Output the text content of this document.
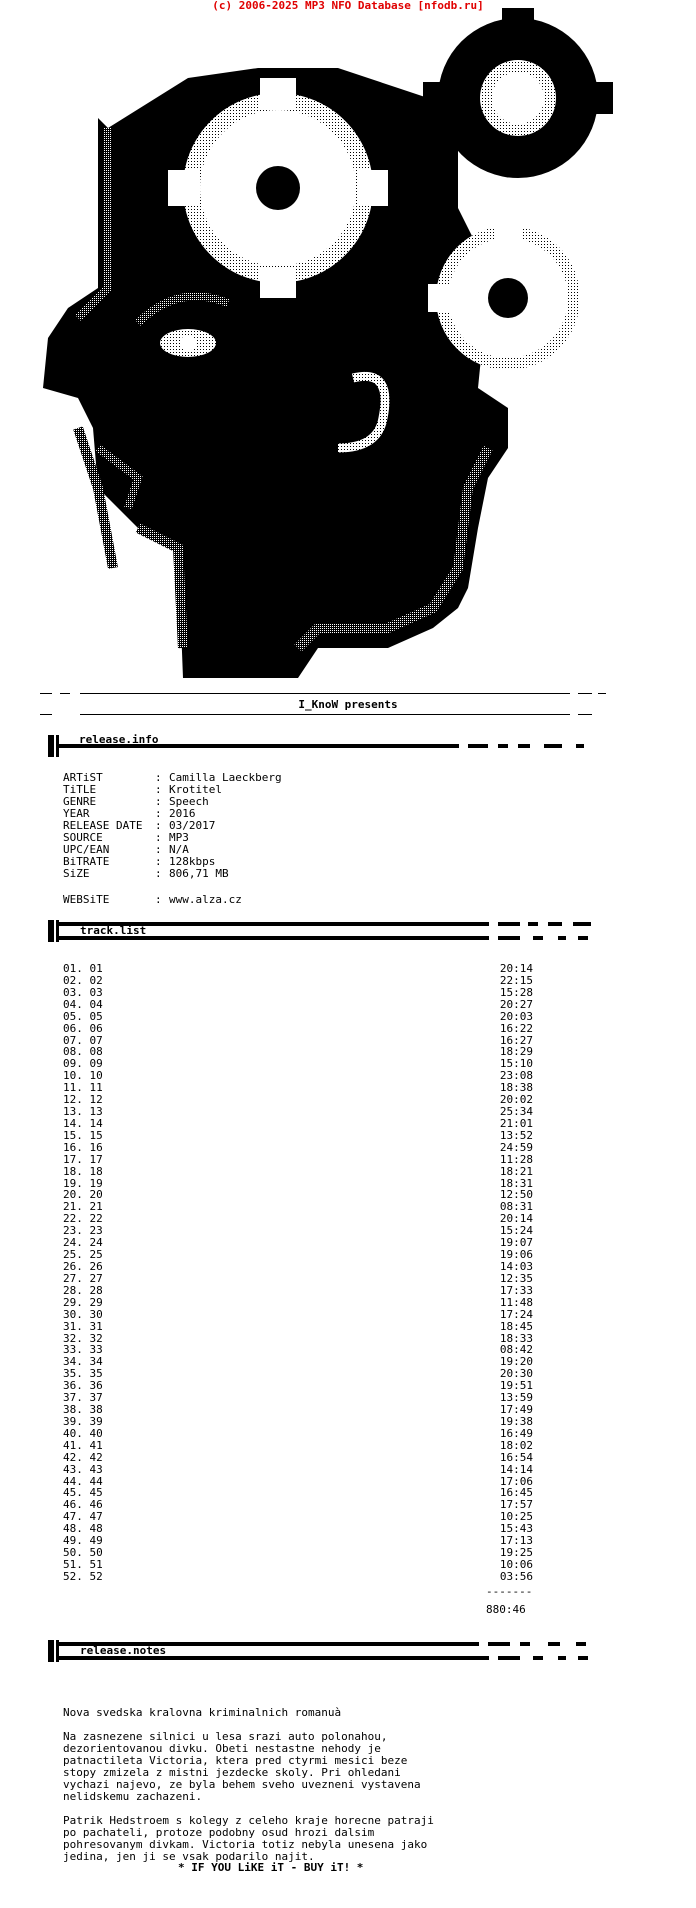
(c) 2006-2025 MP3 NFO Database [nfodb.ru]
I_KnoW presents
release.info
ARTiST	Camilla Laeckberg
:
TiTLE	Krotitel
:
GENRE	Speech
:
YEAR	2016
:
RELEASE DATE 03/2017
:
SOURCE	MP3
:
UPC/EAN	N/A
:
BiTRATE	128kbps
:
SiZE	806,71 MB
:
WEBSiTE	: www.alza.cz
track.list
01. 01	20:14
02. 02	22:15
03. 03	15:28
04. 04	20:27
05. 05	20:03
06. 06	16:22
07. 07	16:27
08. 08	18:29
09. 09	15:10
10. 10	23:08
11. 11	18:38
12. 12	20:02
13. 13	25:34
14. 14	21:01
15. 15	13:52
16. 16	24:59
17. 17	11:28
18. 18	18:21
19. 19	18:31
20. 20	12:50
21. 21	08:31
22. 22	20:14
23. 23	15:24
24. 24	19:07
25. 25	19:06
26. 26	14:03
27. 27	12:35
28. 28	17:33
29. 29	11:48
30. 30	17:24
31. 31	18:45
32. 32	18:33
33. 33	08:42
34. 34	19:20
35. 35	20:30
36. 36	19:51
37. 37	13:59
38. 38	17:49
39. 39	19:38
40. 40	16:49
41. 41	18:02
42. 42	16:54
43. 43	14:14
44. 44	17:06
45. 45	16:45
46. 46	17:57
47. 47	10:25
48. 48	15:43
49. 49	17:13
50. 50	19:25
51. 51	10:06
52. 52	03:56
-------
880:46
release.notes
Nova svedska kralovna kriminalnich romanuà
Na zasnezene silnici u lesa srazi auto polonahou,
dezorientovanou divku. Obeti nestastne nehody je
patnactileta Victoria, ktera pred ctyrmi mesici beze
stopy zmizela z mistni jezdecke skoly. Pri ohledani
vychazi najevo, ze byla behem sveho uvezneni vystavena
nelidskemu zachazeni.
Patrik Hedstroem s kolegy z celeho kraje horecne patraji
po pachateli, protoze podobny osud hrozi dalsim
pohresovanym divkam. Victoria totiz nebyla unesena jako
jedina, jen ji se vsak podarilo najit.
* IF YOU LiKE iT - BUY iT! *
